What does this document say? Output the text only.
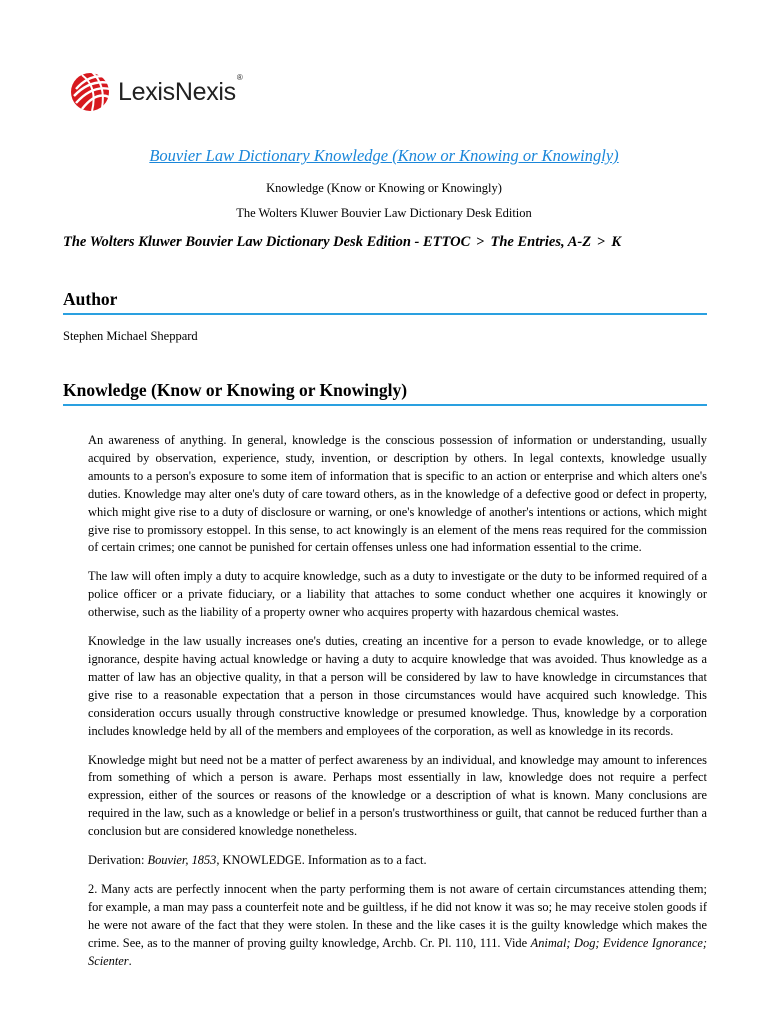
LexisNexis®
Bouvier Law Dictionary Knowledge (Know or Knowing or Knowingly)
Knowledge (Know or Knowing or Knowingly)
The Wolters Kluwer Bouvier Law Dictionary Desk Edition
The Wolters Kluwer Bouvier Law Dictionary Desk Edition - ETTOC > The Entries, A-Z > K
Author
Stephen Michael Sheppard
Knowledge (Know or Knowing or Knowingly)

An awareness of anything. In general, knowledge is the conscious possession of information or understanding, usually acquired by observation, experience, study, invention, or description by others. In legal contexts, knowledge usually amounts to a person's exposure to some item of information that is specific to an action or enterprise and which alters one's duties. Knowledge may alter one's duty of care toward others, as in the knowledge of a defective good or defect in property, which might give rise to a duty of disclosure or warning, or one's knowledge of another's intentions or actions, which might give rise to promissory estoppel. In this sense, to act knowingly is an element of the mens reas required for the commission of certain crimes; one cannot be punished for certain offenses unless one had information essential to the crime.

The law will often imply a duty to acquire knowledge, such as a duty to investigate or the duty to be informed required of a police officer or a private fiduciary, or a liability that attaches to some conduct whether one acquires it knowingly or otherwise, such as the liability of a property owner who acquires property with hazardous chemical wastes.

Knowledge in the law usually increases one's duties, creating an incentive for a person to evade knowledge, or to allege ignorance, despite having actual knowledge or having a duty to acquire knowledge that was avoided. Thus knowledge as a matter of law has an objective quality, in that a person will be considered by law to have knowledge in circumstances that give rise to a reasonable expectation that a person in those circumstances would have acquired such knowledge. This consideration occurs usually through constructive knowledge or presumed knowledge. Thus, knowledge by a corporation includes knowledge held by all of the members and employees of the corporation, as well as knowledge in its records.

Knowledge might but need not be a matter of perfect awareness by an individual, and knowledge may amount to inferences from something of which a person is aware. Perhaps most essentially in law, knowledge does not require a perfect expression, either of the sources or reasons of the knowledge or a description of what is known. Many conclusions are required in the law, such as a knowledge or belief in a person's trustworthiness or guilt, that cannot be reduced further than a conclusion but are considered knowledge nonetheless.

Derivation: Bouvier, 1853, KNOWLEDGE. Information as to a fact.

2. Many acts are perfectly innocent when the party performing them is not aware of certain circumstances attending them; for example, a man may pass a counterfeit note and be guiltless, if he did not know it was so; he may receive stolen goods if he were not aware of the fact that they were stolen. In these and the like cases it is the guilty knowledge which makes the crime. See, as to the manner of proving guilty knowledge, Archb. Cr. Pl. 110, 111. Vide Animal; Dog; Evidence Ignorance; Scienter.
